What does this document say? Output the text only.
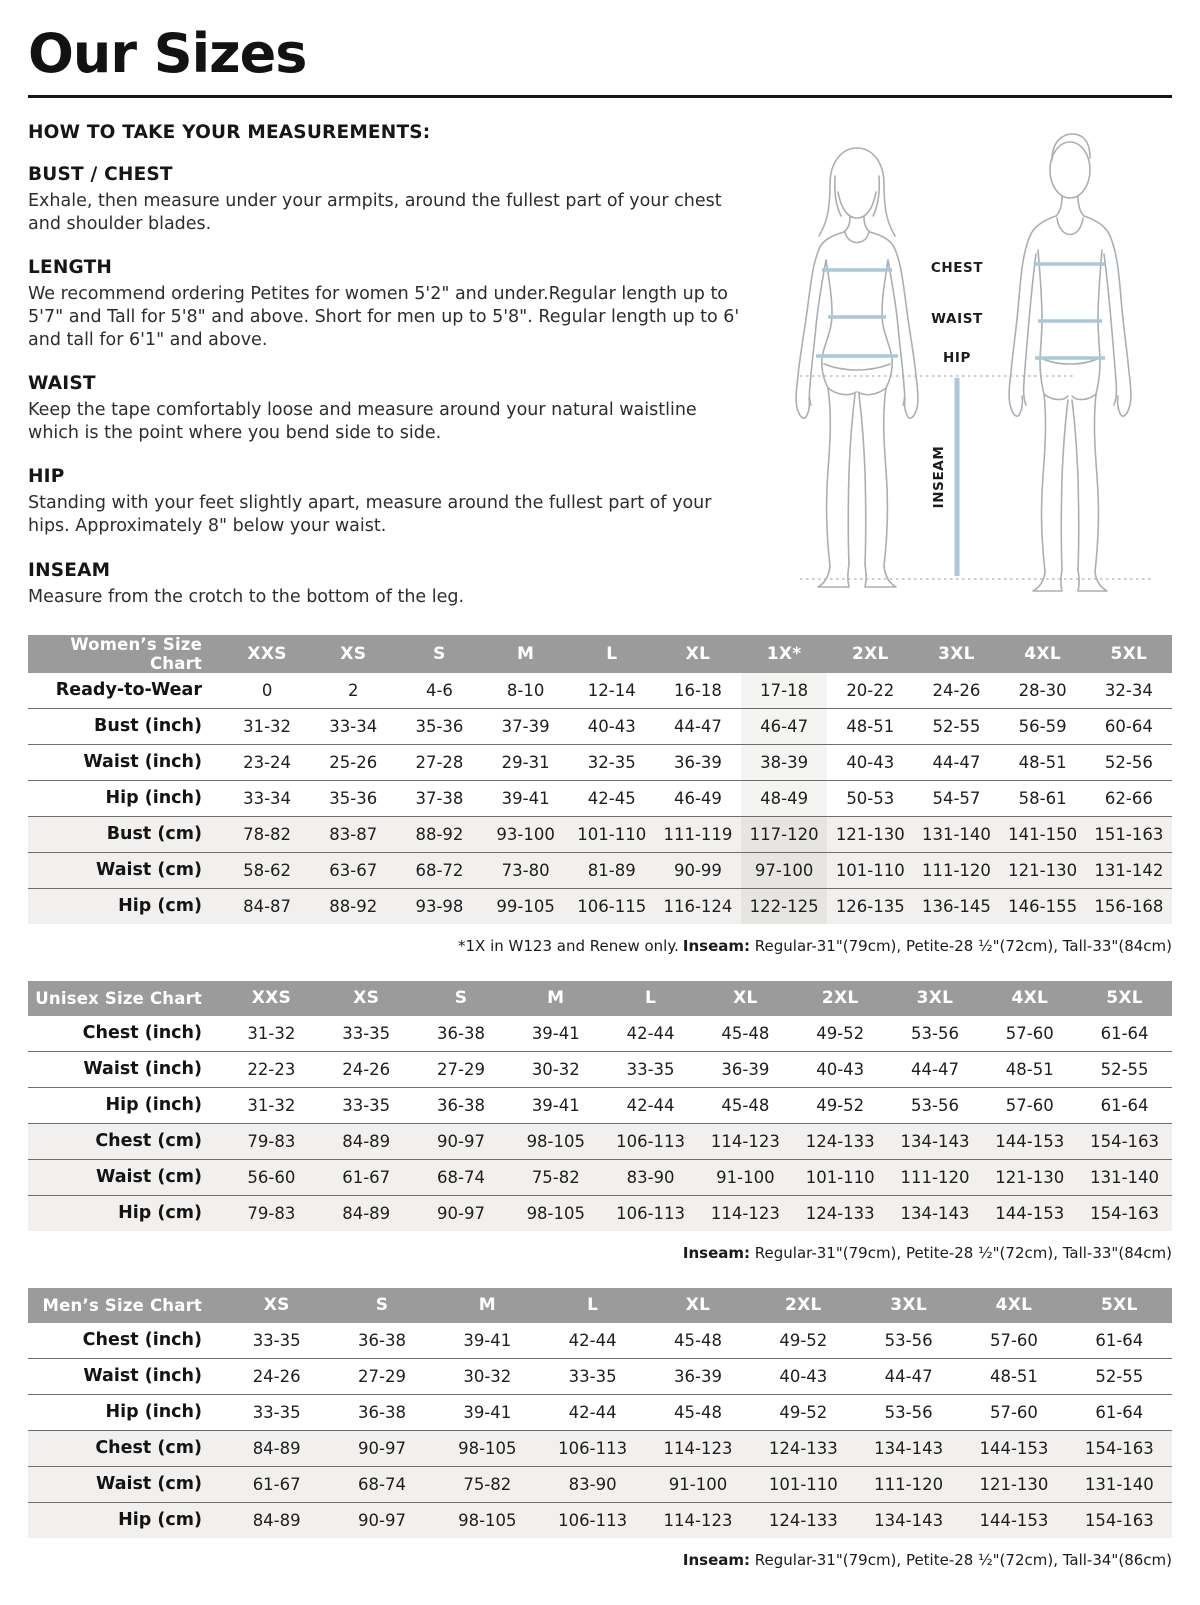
Our Sizes
HOW TO TAKE YOUR MEASUREMENTS:
BUST / CHEST

Exhale, then measure under your armpits, around the fullest part of your chest and shoulder blades.

LENGTH

We recommend ordering Petites for women 5'2" and under.Regular length up to 5'7" and Tall for 5'8" and above. Short for men up to 5'8". Regular length up to 6' and tall for 6'1" and above.

WAIST

Keep the tape comfortably loose and measure around your natural waistline which is the point where you bend side to side.

HIP

Standing with your feet slightly apart, measure around the fullest part of your hips. Approximately 8" below your waist.

INSEAM

Measure from the crotch to the bottom of the leg.

CHEST
WAIST
HIP
INSEAM
Women’s Size Chart	XXS	XS	S	M	L	XL	1X*	2XL	3XL	4XL	5XL
Ready-to-Wear	0	2	4-6	8-10	12-14	16-18	17-18	20-22	24-26	28-30	32-34
Bust (inch)	31-32	33-34	35-36	37-39	40-43	44-47	46-47	48-51	52-55	56-59	60-64
Waist (inch)	23-24	25-26	27-28	29-31	32-35	36-39	38-39	40-43	44-47	48-51	52-56
Hip (inch)	33-34	35-36	37-38	39-41	42-45	46-49	48-49	50-53	54-57	58-61	62-66
Bust (cm)	78-82	83-87	88-92	93-100	101-110	111-119	117-120	121-130	131-140	141-150	151-163
Waist (cm)	58-62	63-67	68-72	73-80	81-89	90-99	97-100	101-110	111-120	121-130	131-142
Hip (cm)	84-87	88-92	93-98	99-105	106-115	116-124	122-125	126-135	136-145	146-155	156-168
*1X in W123 and Renew only. Inseam: Regular-31"(79cm), Petite-28 ½"(72cm), Tall-33"(84cm)
Unisex Size Chart	XXS	XS	S	M	L	XL	2XL	3XL	4XL	5XL
Chest (inch)	31-32	33-35	36-38	39-41	42-44	45-48	49-52	53-56	57-60	61-64
Waist (inch)	22-23	24-26	27-29	30-32	33-35	36-39	40-43	44-47	48-51	52-55
Hip (inch)	31-32	33-35	36-38	39-41	42-44	45-48	49-52	53-56	57-60	61-64
Chest (cm)	79-83	84-89	90-97	98-105	106-113	114-123	124-133	134-143	144-153	154-163
Waist (cm)	56-60	61-67	68-74	75-82	83-90	91-100	101-110	111-120	121-130	131-140
Hip (cm)	79-83	84-89	90-97	98-105	106-113	114-123	124-133	134-143	144-153	154-163
Inseam: Regular-31"(79cm), Petite-28 ½"(72cm), Tall-33"(84cm)
Men’s Size Chart	XS	S	M	L	XL	2XL	3XL	4XL	5XL
Chest (inch)	33-35	36-38	39-41	42-44	45-48	49-52	53-56	57-60	61-64
Waist (inch)	24-26	27-29	30-32	33-35	36-39	40-43	44-47	48-51	52-55
Hip (inch)	33-35	36-38	39-41	42-44	45-48	49-52	53-56	57-60	61-64
Chest (cm)	84-89	90-97	98-105	106-113	114-123	124-133	134-143	144-153	154-163
Waist (cm)	61-67	68-74	75-82	83-90	91-100	101-110	111-120	121-130	131-140
Hip (cm)	84-89	90-97	98-105	106-113	114-123	124-133	134-143	144-153	154-163
Inseam: Regular-31"(79cm), Petite-28 ½"(72cm), Tall-34"(86cm)
